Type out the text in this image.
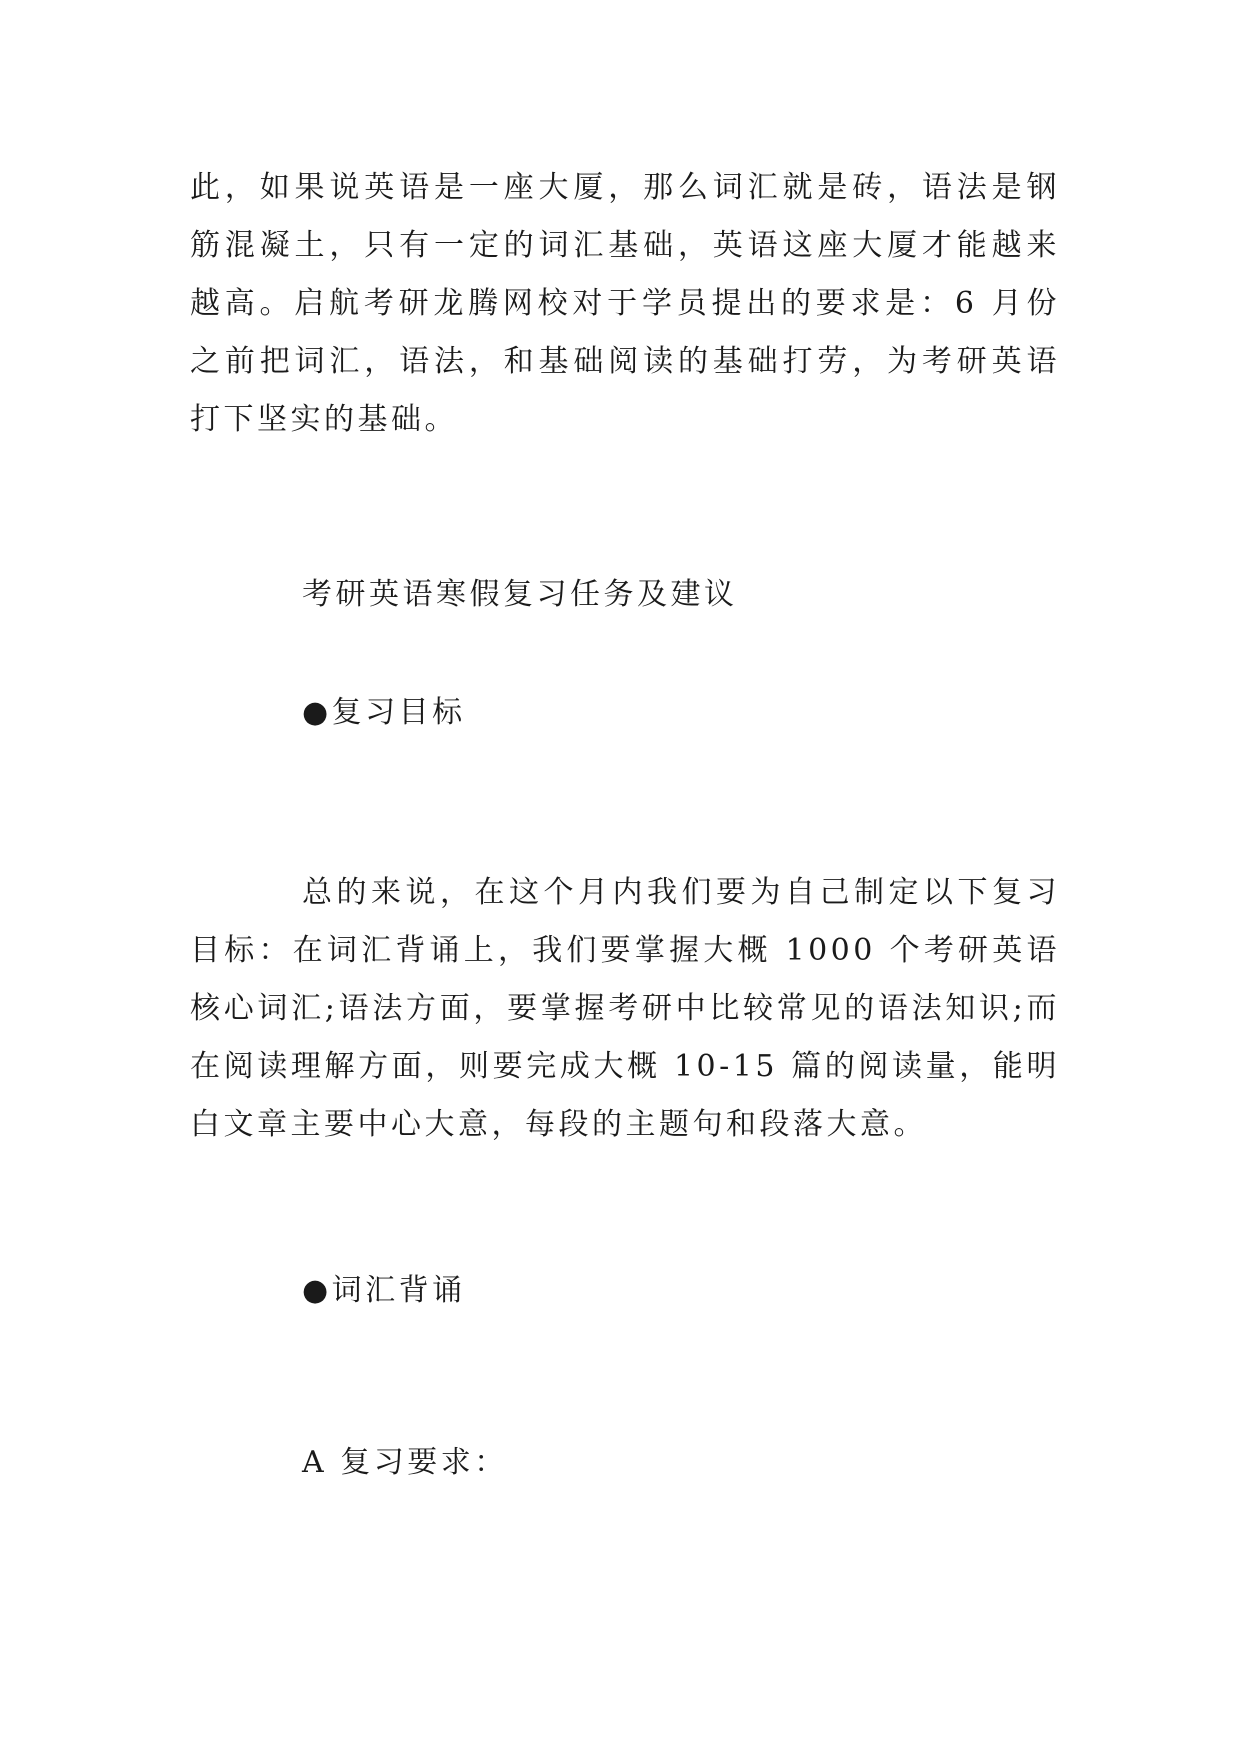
此，如果说英语是一座大厦，那么词汇就是砖，语法是钢筋混凝土，只有一定的词汇基础，英语这座大厦才能越来越高。启航考研龙腾网校对于学员提出的要求是：6 月份之前把词汇，语法，和基础阅读的基础打劳，为考研英语打下坚实的基础。

考研英语寒假复习任务及建议

●复习目标

总的来说，在这个月内我们要为自己制定以下复习目标：在词汇背诵上，我们要掌握大概 1000 个考研英语核心词汇;语法方面，要掌握考研中比较常见的语法知识;而在阅读理解方面，则要完成大概 10-15 篇的阅读量，能明白文章主要中心大意，每段的主题句和段落大意。

●词汇背诵

A 复习要求：
